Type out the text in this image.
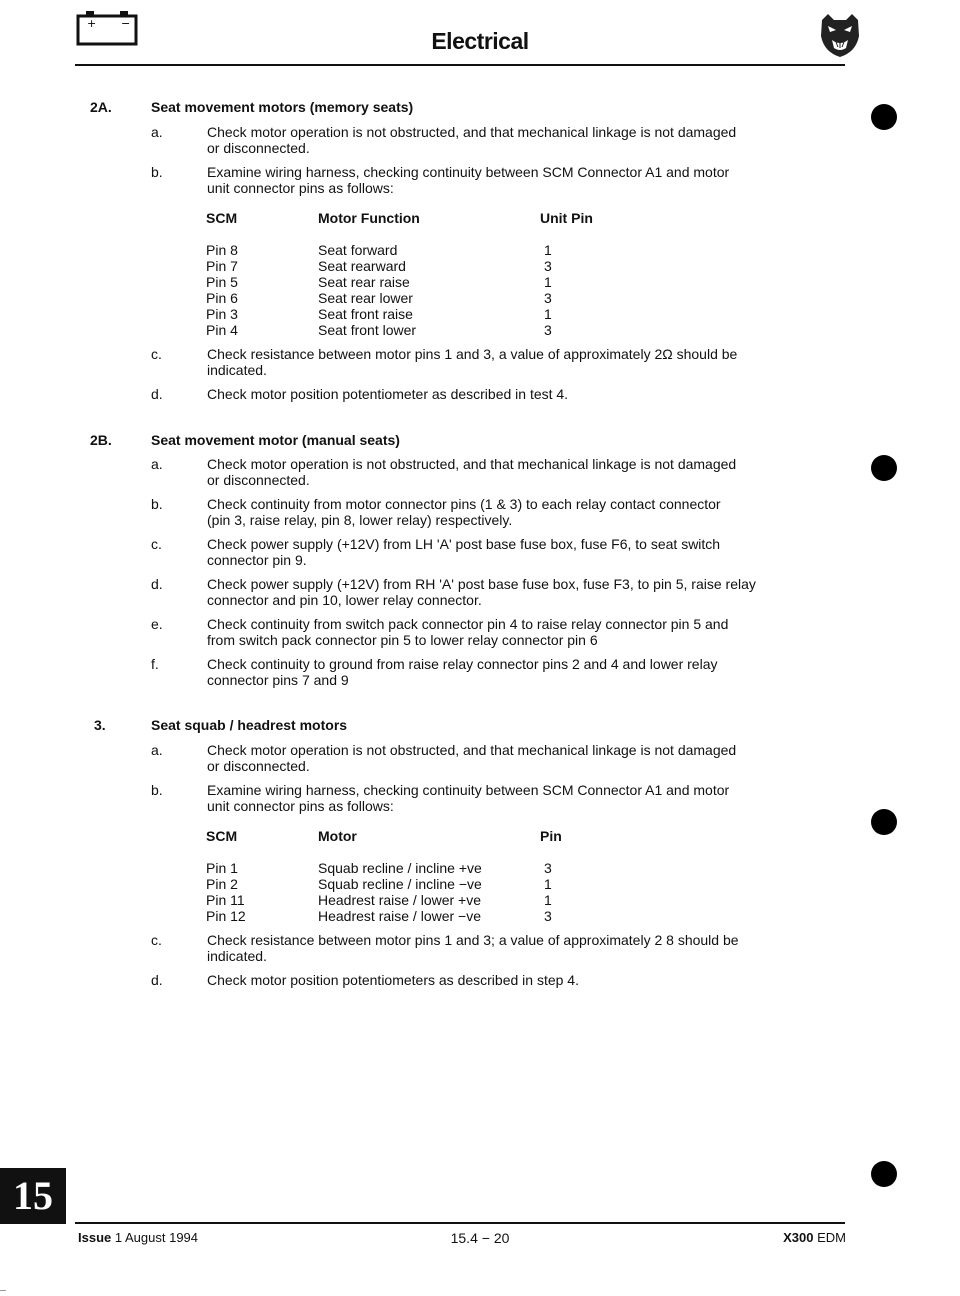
+ −
Electrical
2A.	Seat movement motors (memory seats)
a.	Check motor operation is not obstructed, and that mechanical linkage is not damaged
or disconnected.
b.	Examine wiring harness, checking continuity between SCM Connector A1 and motor
unit connector pins as follows:
SCM	Motor Function	Unit Pin
Pin 8	Seat forward	1
Pin 7	Seat rearward	3
Pin 5	Seat rear raise	1
Pin 6	Seat rear lower	3
Pin 3	Seat front raise	1
Pin 4	Seat front lower	3
c.	Check resistance between motor pins 1 and 3, a value of approximately 2Ω should be
indicated.
d.	Check motor position potentiometer as described in test 4.
2B.	Seat movement motor (manual seats)
a.	Check motor operation is not obstructed, and that mechanical linkage is not damaged
or disconnected.
b.	Check continuity from motor connector pins (1 & 3) to each relay contact connector
(pin 3, raise relay, pin 8, lower relay) respectively.
c.	Check power supply (+12V) from LH 'A' post base fuse box, fuse F6, to seat switch
connector pin 9.
d.	Check power supply (+12V) from RH 'A' post base fuse box, fuse F3, to pin 5, raise relay
connector and pin 10, lower relay connector.
e.	Check continuity from switch pack connector pin 4 to raise relay connector pin 5 and
from switch pack connector pin 5 to lower relay connector pin 6
f.	Check continuity to ground from raise relay connector pins 2 and 4 and lower relay
connector pins 7 and 9
3.	Seat squab / headrest motors
a.	Check motor operation is not obstructed, and that mechanical linkage is not damaged
or disconnected.
b.	Examine wiring harness, checking continuity between SCM Connector A1 and motor
unit connector pins as follows:
SCM	Motor	Pin
Pin 1	Squab recline / incline +ve	3
Pin 2	Squab recline / incline −ve	1
Pin 11	Headrest raise / lower +ve	1
Pin 12	Headrest raise / lower −ve	3
c.	Check resistance between motor pins 1 and 3; a value of approximately 2 8 should be
indicated.
d.	Check motor position potentiometers as described in step 4.
15
Issue 1 August 1994	15.4 − 20	X300 EDM
